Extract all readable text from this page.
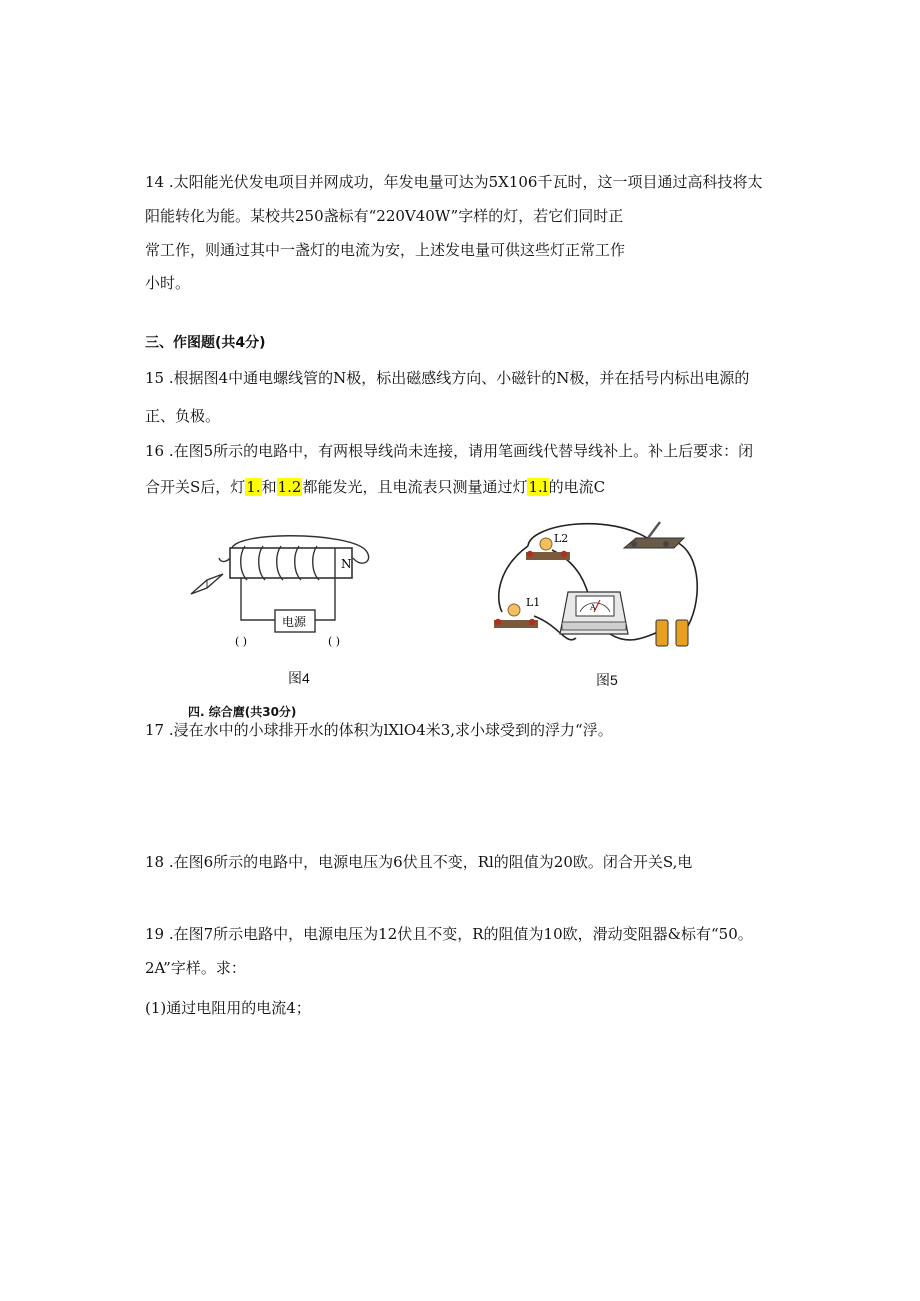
14 .太阳能光伏发电项目并网成功，年发电量可达为5X106千瓦时，这一项目通过高科技将太
阳能转化为能。某校共250盏标有“220V40W”字样的灯，若它们同时正
常工作，则通过其中一盏灯的电流为安，上述发电量可供这些灯正常工作
小时。
三、作图题(共4分)
15 .根据图4中通电螺线管的N极，标出磁感线方向、小磁针的N极，并在括号内标出电源的
正、负极。
16 .在图5所示的电路中，有两根导线尚未连接，请用笔画线代替导线补上。补上后要求：闭
合开关S后，灯1.和1.2都能发光，且电流表只测量通过灯1.l的电流C
N
电源
( )	( )
图4
L2
L1	A
图5
四. 综合麿(共30分)
17 .浸在水中的小球排开水的体积为lXlO4米3,求小球受到的浮力“浮。
18 .在图6所示的电路中，电源电压为6伏且不变，Rl的阻值为20欧。闭合开关S,电
19 .在图7所示电路中，电源电压为12伏且不变，R的阻值为10欧，滑动变阻器&标有“50。
2A”字样。求：
(1)通过电阻用的电流4；
